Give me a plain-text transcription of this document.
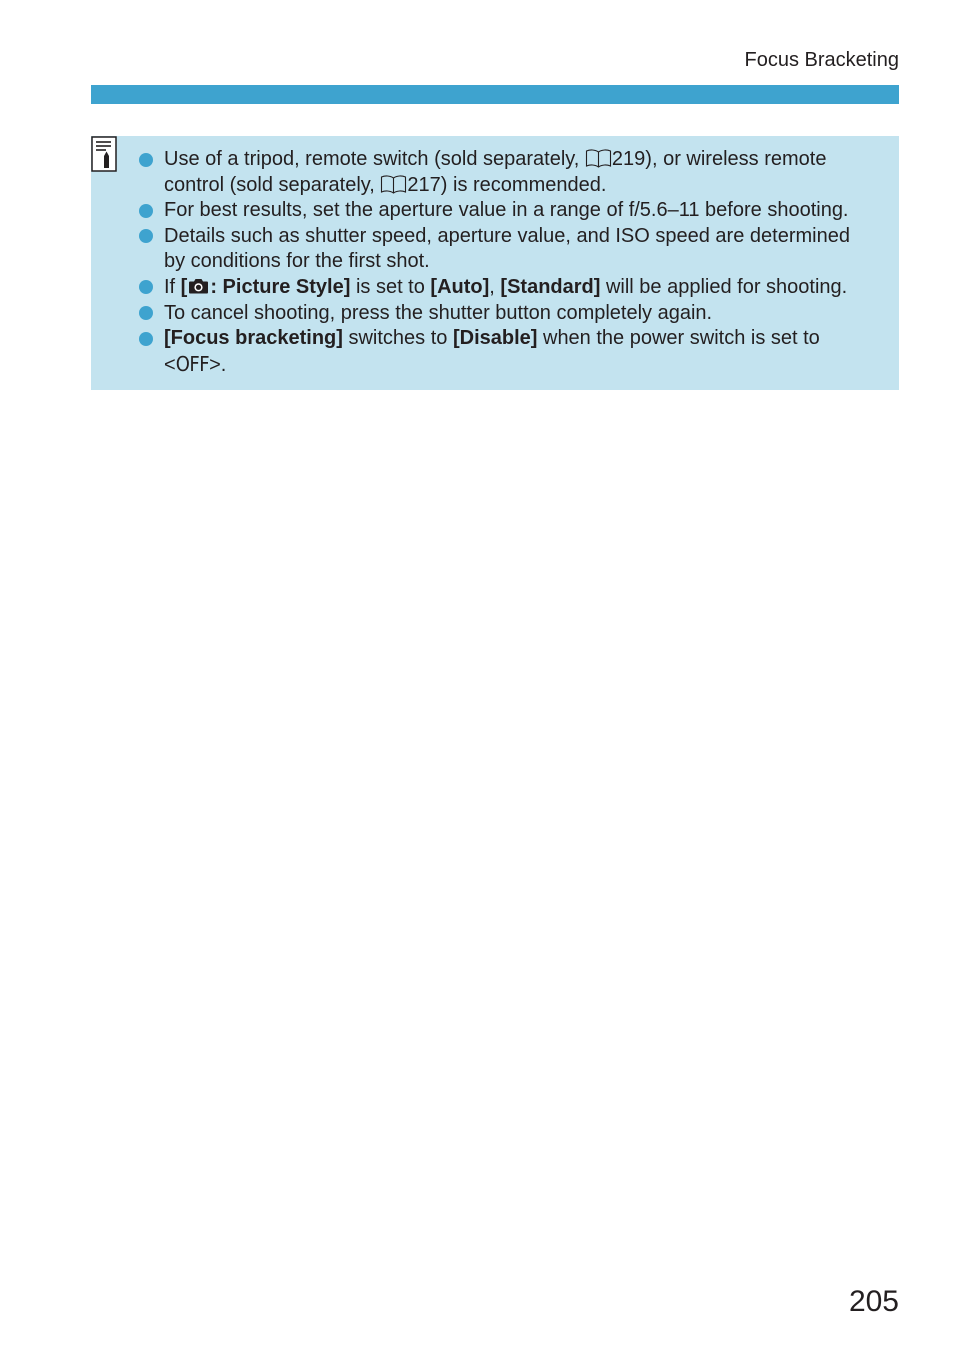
Focus Bracketing
Use of a tripod, remote switch (sold separately, 219), or wireless remote
control (sold separately, 217) is recommended.
For best results, set the aperture value in a range of f/5.6–11 before shooting.
Details such as shutter speed, aperture value, and ISO speed are determined
by conditions for the first shot.
If [ : Picture Style] is set to [Auto], [Standard] will be applied for shooting.
To cancel shooting, press the shutter button completely again.
[Focus bracketing] switches to [Disable] when the power switch is set to
<OFF>.
205
